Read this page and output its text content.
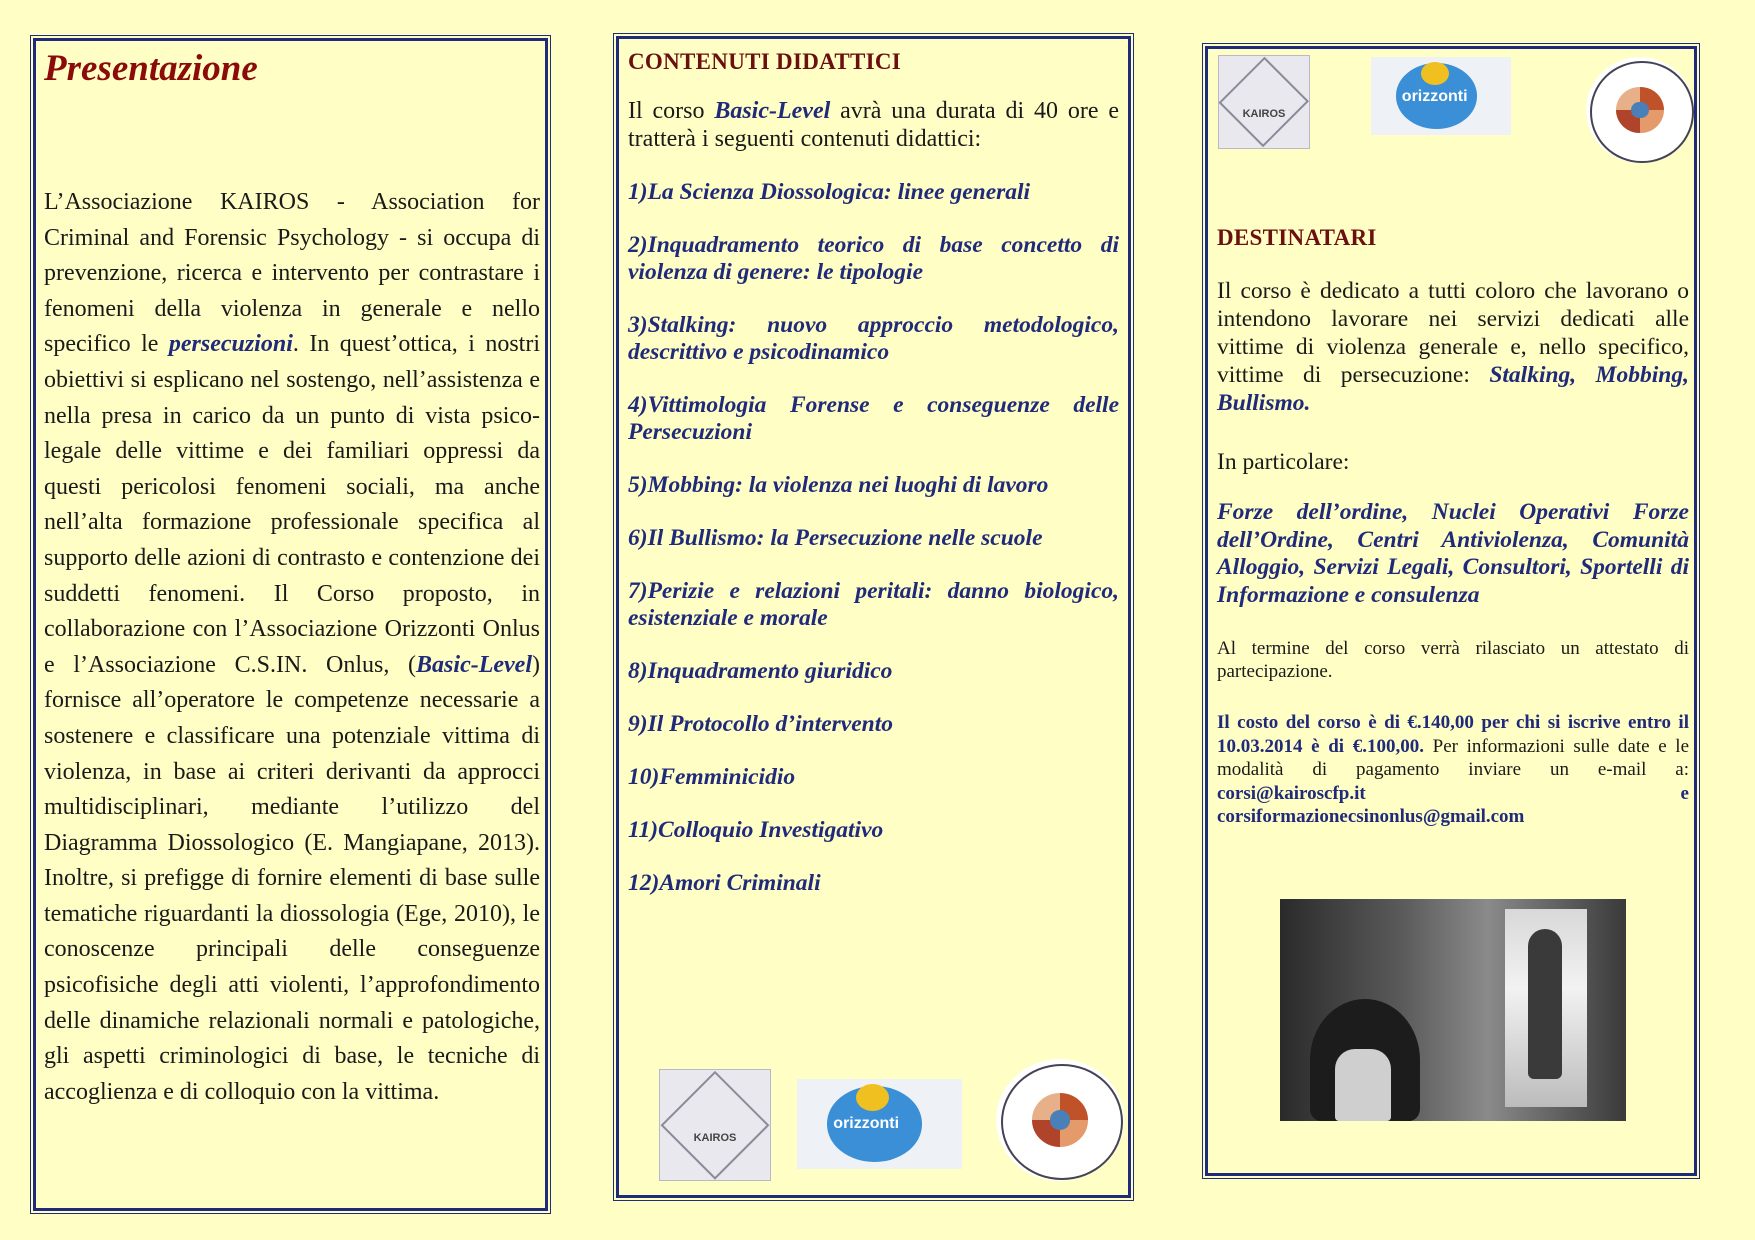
Presentazione

L’Associazione KAIROS - Association for Criminal and Forensic Psychology - si occupa di prevenzione, ricerca e intervento per contrastare i fenomeni della violenza in generale e nello specifico le persecuzioni. In quest’ottica, i nostri obiettivi si esplicano nel sostengo, nell’assistenza e nella presa in carico da un punto di vista psico-legale delle vittime e dei familiari oppressi da questi pericolosi fenomeni sociali, ma anche nell’alta formazione professionale specifica al supporto delle azioni di contrasto e contenzione dei suddetti fenomeni. Il Corso proposto, in collaborazione con l’Associazione Orizzonti Onlus e l’Associazione C.S.IN. Onlus, (Basic-Level) fornisce all’operatore le competenze necessarie a sostenere e classificare una potenziale vittima di violenza, in base ai criteri derivanti da approcci multidisciplinari, mediante l’utilizzo del Diagramma Diossologico (E. Mangiapane, 2013). Inoltre, si prefigge di fornire elementi di base sulle tematiche riguardanti la diossologia (Ege, 2010), le conoscenze principali delle conseguenze psicofisiche degli atti violenti, l’approfondimento delle dinamiche relazionali normali e patologiche, gli aspetti criminologici di base, le tecniche di accoglienza e di colloquio con la vittima.

CONTENUTI DIDATTICI

Il corso Basic-Level avrà una durata di 40 ore e tratterà i seguenti contenuti didattici:

1)La Scienza Diossologica: linee generali
2)Inquadramento teorico di base concetto di violenza di genere: le tipologie
3)Stalking: nuovo approccio metodologico, descrittivo e psicodinamico
4)Vittimologia Forense e conseguenze delle Persecuzioni
5)Mobbing: la violenza nei luoghi di lavoro
6)Il Bullismo: la Persecuzione nelle scuole
7)Perizie e relazioni peritali: danno biologico, esistenziale e morale
8)Inquadramento giuridico
9)Il Protocollo d’intervento
10)Femminicidio
11)Colloquio Investigativo
12)Amori Criminali
KAIROS
orizzonti
KAIROS
orizzonti
DESTINATARI

Il corso è dedicato a tutti coloro che lavorano o intendono lavorare nei servizi dedicati alle vittime di violenza generale e, nello specifico, vittime di persecuzione: Stalking, Mobbing, Bullismo.

In particolare:

Forze dell’ordine, Nuclei Operativi Forze dell’Ordine, Centri Antiviolenza, Comunità Alloggio, Servizi Legali, Consultori, Sportelli di Informazione e consulenza

Al termine del corso verrà rilasciato un attestato di partecipazione.

Il costo del corso è di €.140,00 per chi si iscrive entro il 10.03.2014 è di €.100,00. Per informazioni sulle date e le modalità di pagamento inviare un e-mail a: corsi@kairoscfp.it e corsiformazionecsinonlus@gmail.com
